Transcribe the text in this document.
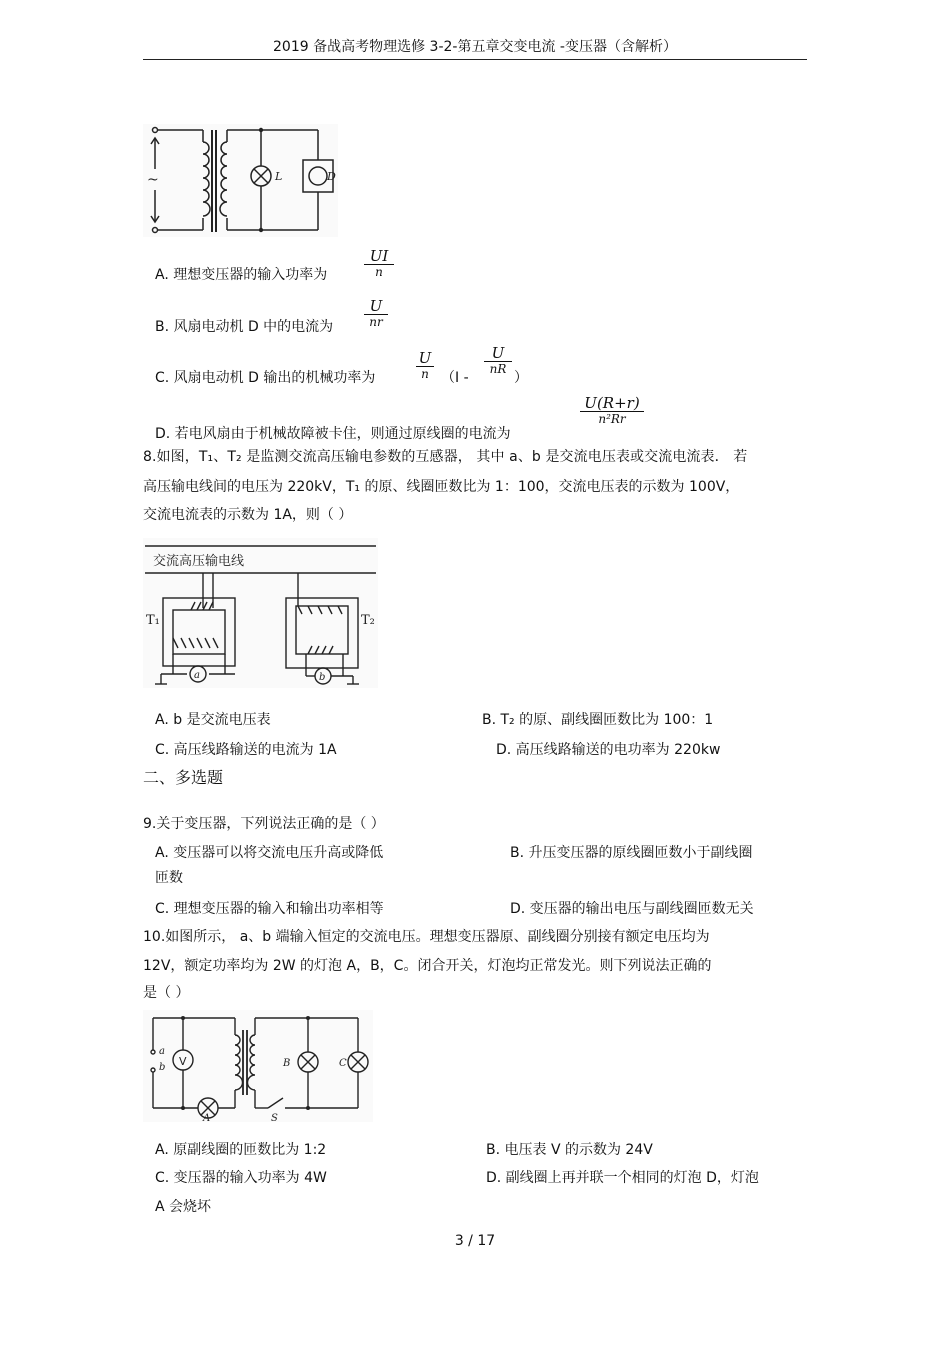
2019 备战高考物理选修 3-2-第五章交变电流 -变压器（含解析）
~	L	D
A. 理想变压器的输入功率为
UI
n
B. 风扇电动机 D 中的电流为
U
nr
C. 风扇电动机 D 输出的机械功率为
U
n （I -
U
nR
）
D. 若电风扇由于机械故障被卡住，则通过原线圈的电流为
U(R+r)
n²Rr
8.如图，T₁、T₂ 是监测交流高压输电参数的互感器， 其中 a、b 是交流电压表或交流电流表． 若
高压输电线间的电压为 220kV，T₁ 的原、线圈匝数比为 1：100，交流电压表的示数为 100V，
交流电流表的示数为 1A，则（ ）
交流高压输电线
T₁	T₂
a	b
A. b 是交流电压表	B. T₂ 的原、副线圈匝数比为 100：1
C. 高压线路输送的电流为 1A	D. 高压线路输送的电功率为 220kw
二、多选题
9.关于变压器，下列说法正确的是（ ）
A. 变压器可以将交流电压升高或降低	B. 升压变压器的原线圈匝数小于副线圈
匝数
C. 理想变压器的输入和输出功率相等	D. 变压器的输出电压与副线圈匝数无关
10.如图所示， a、b 端输入恒定的交流电压。理想变压器原、副线圈分别接有额定电压均为
12V，额定功率均为 2W 的灯泡 A，B，C。闭合开关，灯泡均正常发光。则下列说法正确的
是（ ）
a
b V
A
B	C
S
A. 原副线圈的匝数比为 1:2	B. 电压表 V 的示数为 24V
C. 变压器的输入功率为 4W	D. 副线圈上再并联一个相同的灯泡 D，灯泡
A 会烧坏
3 / 17
